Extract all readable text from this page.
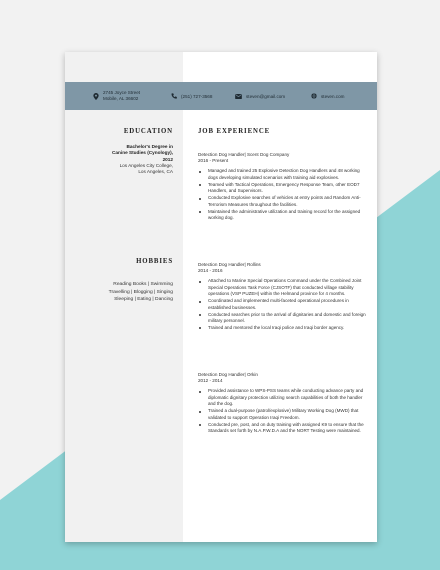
2745 Joyce Street
Mobile, AL 36602	(251) 727-3568	steven@gmail.com	steven.com
EDUCATION
Bachelor's Degree in
Canine Studies (Cynology),
2012
Los Angeles City College,
Los Angeles, CA
HOBBIES
Reading Books | Swimming
Travelling | Blogging | Singing
Sleeping | Eating | Dancing
JOB EXPERIENCE
Detection Dog Handler| Scent Dog Company
2016 - Present
Managed and trained 25 Explosive Detection Dog Handlers and 48 working dogs developing simulated scenarios with training aid explosives.
Teamed with Tactical Operations, Emergency Response Team, other EOD7 Handlers, and Supervisors.
Conducted Explosive searches of vehicles at entry points and Random Anti-Terrorism Measures throughout the facilities.
Maintained the administrative utilization and training record for the assigned working dog.
Detection Dog Handler| Rollins
2014 - 2016
Attached to Marine Special Operations Command under the Combined Joint Special Operations Task Force (CJSOTF) that conducted village stability operations (VSP PUZEH) within the Helmand province for 4 months.
Coordinated and implemented multi-faceted operational procedures in established businesses.
Conducted searches prior to the arrival of dignitaries and domestic and foreign military personnel.
Trained and mentored the local Iraqi police and Iraqi border agency.
Detection Dog Handler| Orkin
2012 - 2014
Provided assistance to WPS-PSS teams while conducting advance party and diplomatic dignitary protection utilizing search capabilities of both the handler and the dog.
Trained a dual-purpose (patrol/explosive) Military Working Dog (MWD) that validated to support Operation Iraqi Freedom.
Conducted pre, post, and on duty training with assigned K9 to ensure that the Standards set forth by N.A.P.W.D.A and the NORT Testing were maintained.
